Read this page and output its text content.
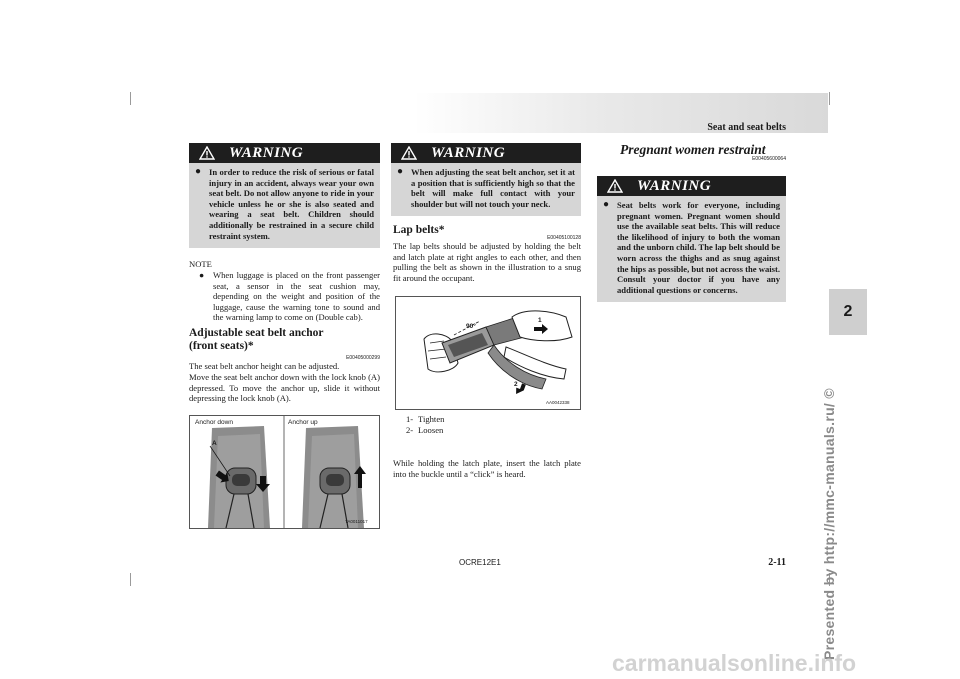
Seat and seat belts
2
WARNING
● In order to reduce the risk of serious or fatal injury in an accident, always wear your own seat belt. Do not allow anyone to ride in your vehicle unless he or she is also seated and wearing a seat belt. Children should additionally be restrained in a secure child restraint system.
NOTE
●	When luggage is placed on the front passenger seat, a sensor in the seat cushion may, depending on the weight and position of the luggage, cause the warning tone to sound and the warning lamp to come on (Double cab).
Adjustable seat belt anchor (front seats)*
E00405000299
The seat belt anchor height can be adjusted.
Move the seat belt anchor down with the lock knob (A) depressed. To move the anchor up, slide it without depressing the lock knob (A).
Anchor down	Anchor up
A
TA0011017
WARNING
● When adjusting the seat belt anchor, set it at a position that is sufficiently high so that the belt will make full contact with your shoulder but will not touch your neck.
Lap belts*
E00405100128
The lap belts should be adjusted by holding the belt and latch plate at right angles to each other, and then pulling the belt as shown in the illustration to a snug fit around the occupant.
90°
1
2
AA0042338
1- Tighten
2- Loosen
While holding the latch plate, insert the latch plate into the buckle until a “click” is heard.
Pregnant women restraint
E00405600064
WARNING
● Seat belts work for everyone, including pregnant women. Pregnant women should use the available seat belts. This will reduce the likelihood of injury to both the woman and the unborn child. The lap belt should be worn across the thighs and as snug against the hips as possible, but not across the waist. Consult your doctor if you have any additional questions or concerns.
OCRE12E1	2-11	Presented by http://mmc-manuals.ru/ ©
carmanualsonline.info
